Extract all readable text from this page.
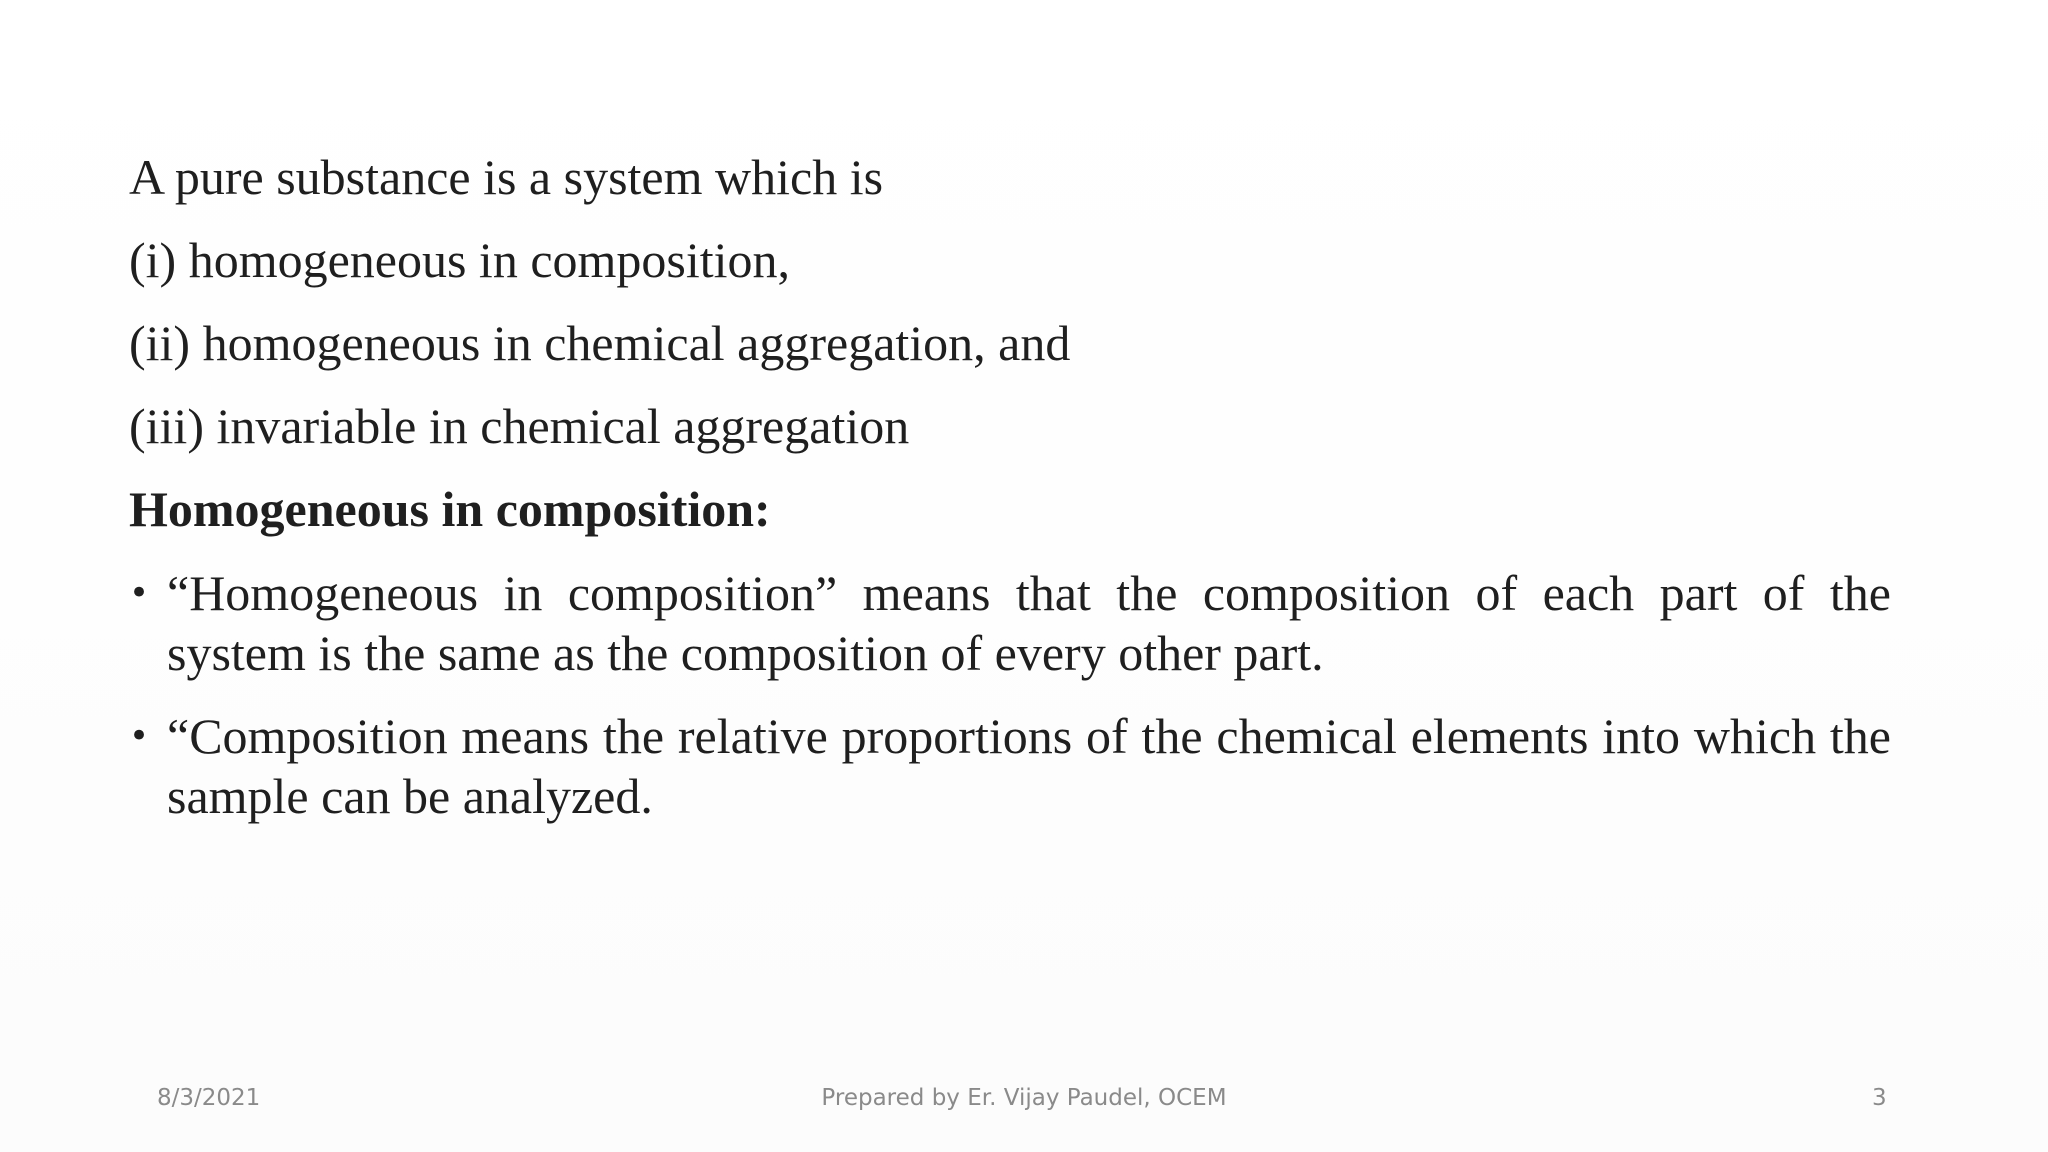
A pure substance is a system which is
(i) homogeneous in composition,
(ii) homogeneous in chemical aggregation, and
(iii) invariable in chemical aggregation
Homogeneous in composition:
• “Homogeneous in composition” means that the composition of each part of the system is the same as the composition of every other part.
• “Composition means the relative proportions of the chemical elements into which the sample can be analyzed.
8/3/2021	Prepared by Er. Vijay Paudel, OCEM	3
